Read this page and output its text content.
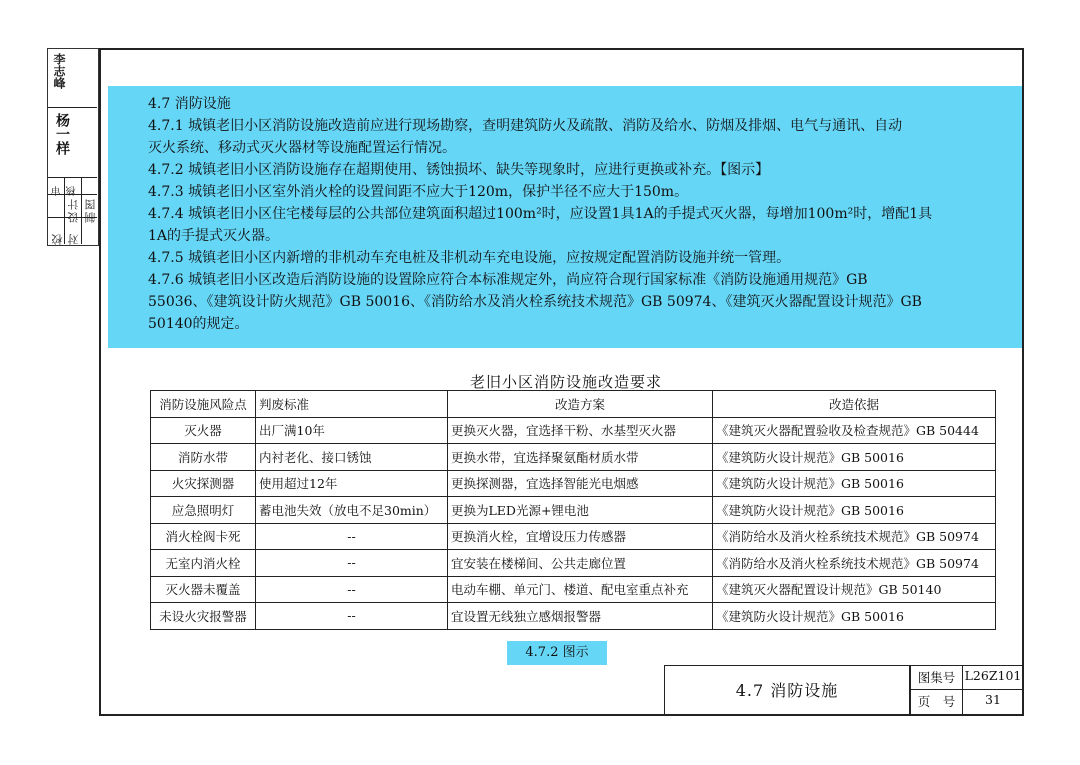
李志峰
杨一样
校对
设计 制图
审核
4.7 消防设施
4.7.1 城镇老旧小区消防设施改造前应进行现场勘察，查明建筑防火及疏散、消防及给水、防烟及排烟、电气与通讯、自动
灭火系统、移动式灭火器材等设施配置运行情况。
4.7.2 城镇老旧小区消防设施存在超期使用、锈蚀损坏、缺失等现象时，应进行更换或补充。【图示】
4.7.3 城镇老旧小区室外消火栓的设置间距不应大于120m，保护半径不应大于150m。
4.7.4 城镇老旧小区住宅楼每层的公共部位建筑面积超过100m²时，应设置1具1A的手提式灭火器，每增加100m²时，增配1具
1A的手提式灭火器。
4.7.5 城镇老旧小区内新增的非机动车充电桩及非机动车充电设施，应按规定配置消防设施并统一管理。
4.7.6 城镇老旧小区改造后消防设施的设置除应符合本标准规定外，尚应符合现行国家标准《消防设施通用规范》GB
55036、《建筑设计防火规范》GB 50016、《消防给水及消火栓系统技术规范》GB 50974、《建筑灭火器配置设计规范》GB
50140的规定。
老旧小区消防设施改造要求
消防设施风险点	判废标准	改造方案	改造依据
灭火器	出厂满10年	更换灭火器，宜选择干粉、水基型灭火器	《建筑灭火器配置验收及检查规范》GB 50444
消防水带	内衬老化、接口锈蚀	更换水带，宜选择聚氨酯材质水带	《建筑防火设计规范》GB 50016
火灾探测器	使用超过12年	更换探测器，宜选择智能光电烟感	《建筑防火设计规范》GB 50016
应急照明灯	蓄电池失效（放电不足30min）	更换为LED光源+锂电池	《建筑防火设计规范》GB 50016
消火栓阀卡死	--	更换消火栓，宜增设压力传感器	《消防给水及消火栓系统技术规范》GB 50974
无室内消火栓	--	宜安装在楼梯间、公共走廊位置	《消防给水及消火栓系统技术规范》GB 50974
灭火器未覆盖	--	电动车棚、单元门、楼道、配电室重点补充	《建筑灭火器配置设计规范》GB 50140
未设火灾报警器	--	宜设置无线独立感烟报警器	《建筑防火设计规范》GB 50016
4.7.2 图示
4.7 消防设施
图集号 L26Z101
页　号	31
